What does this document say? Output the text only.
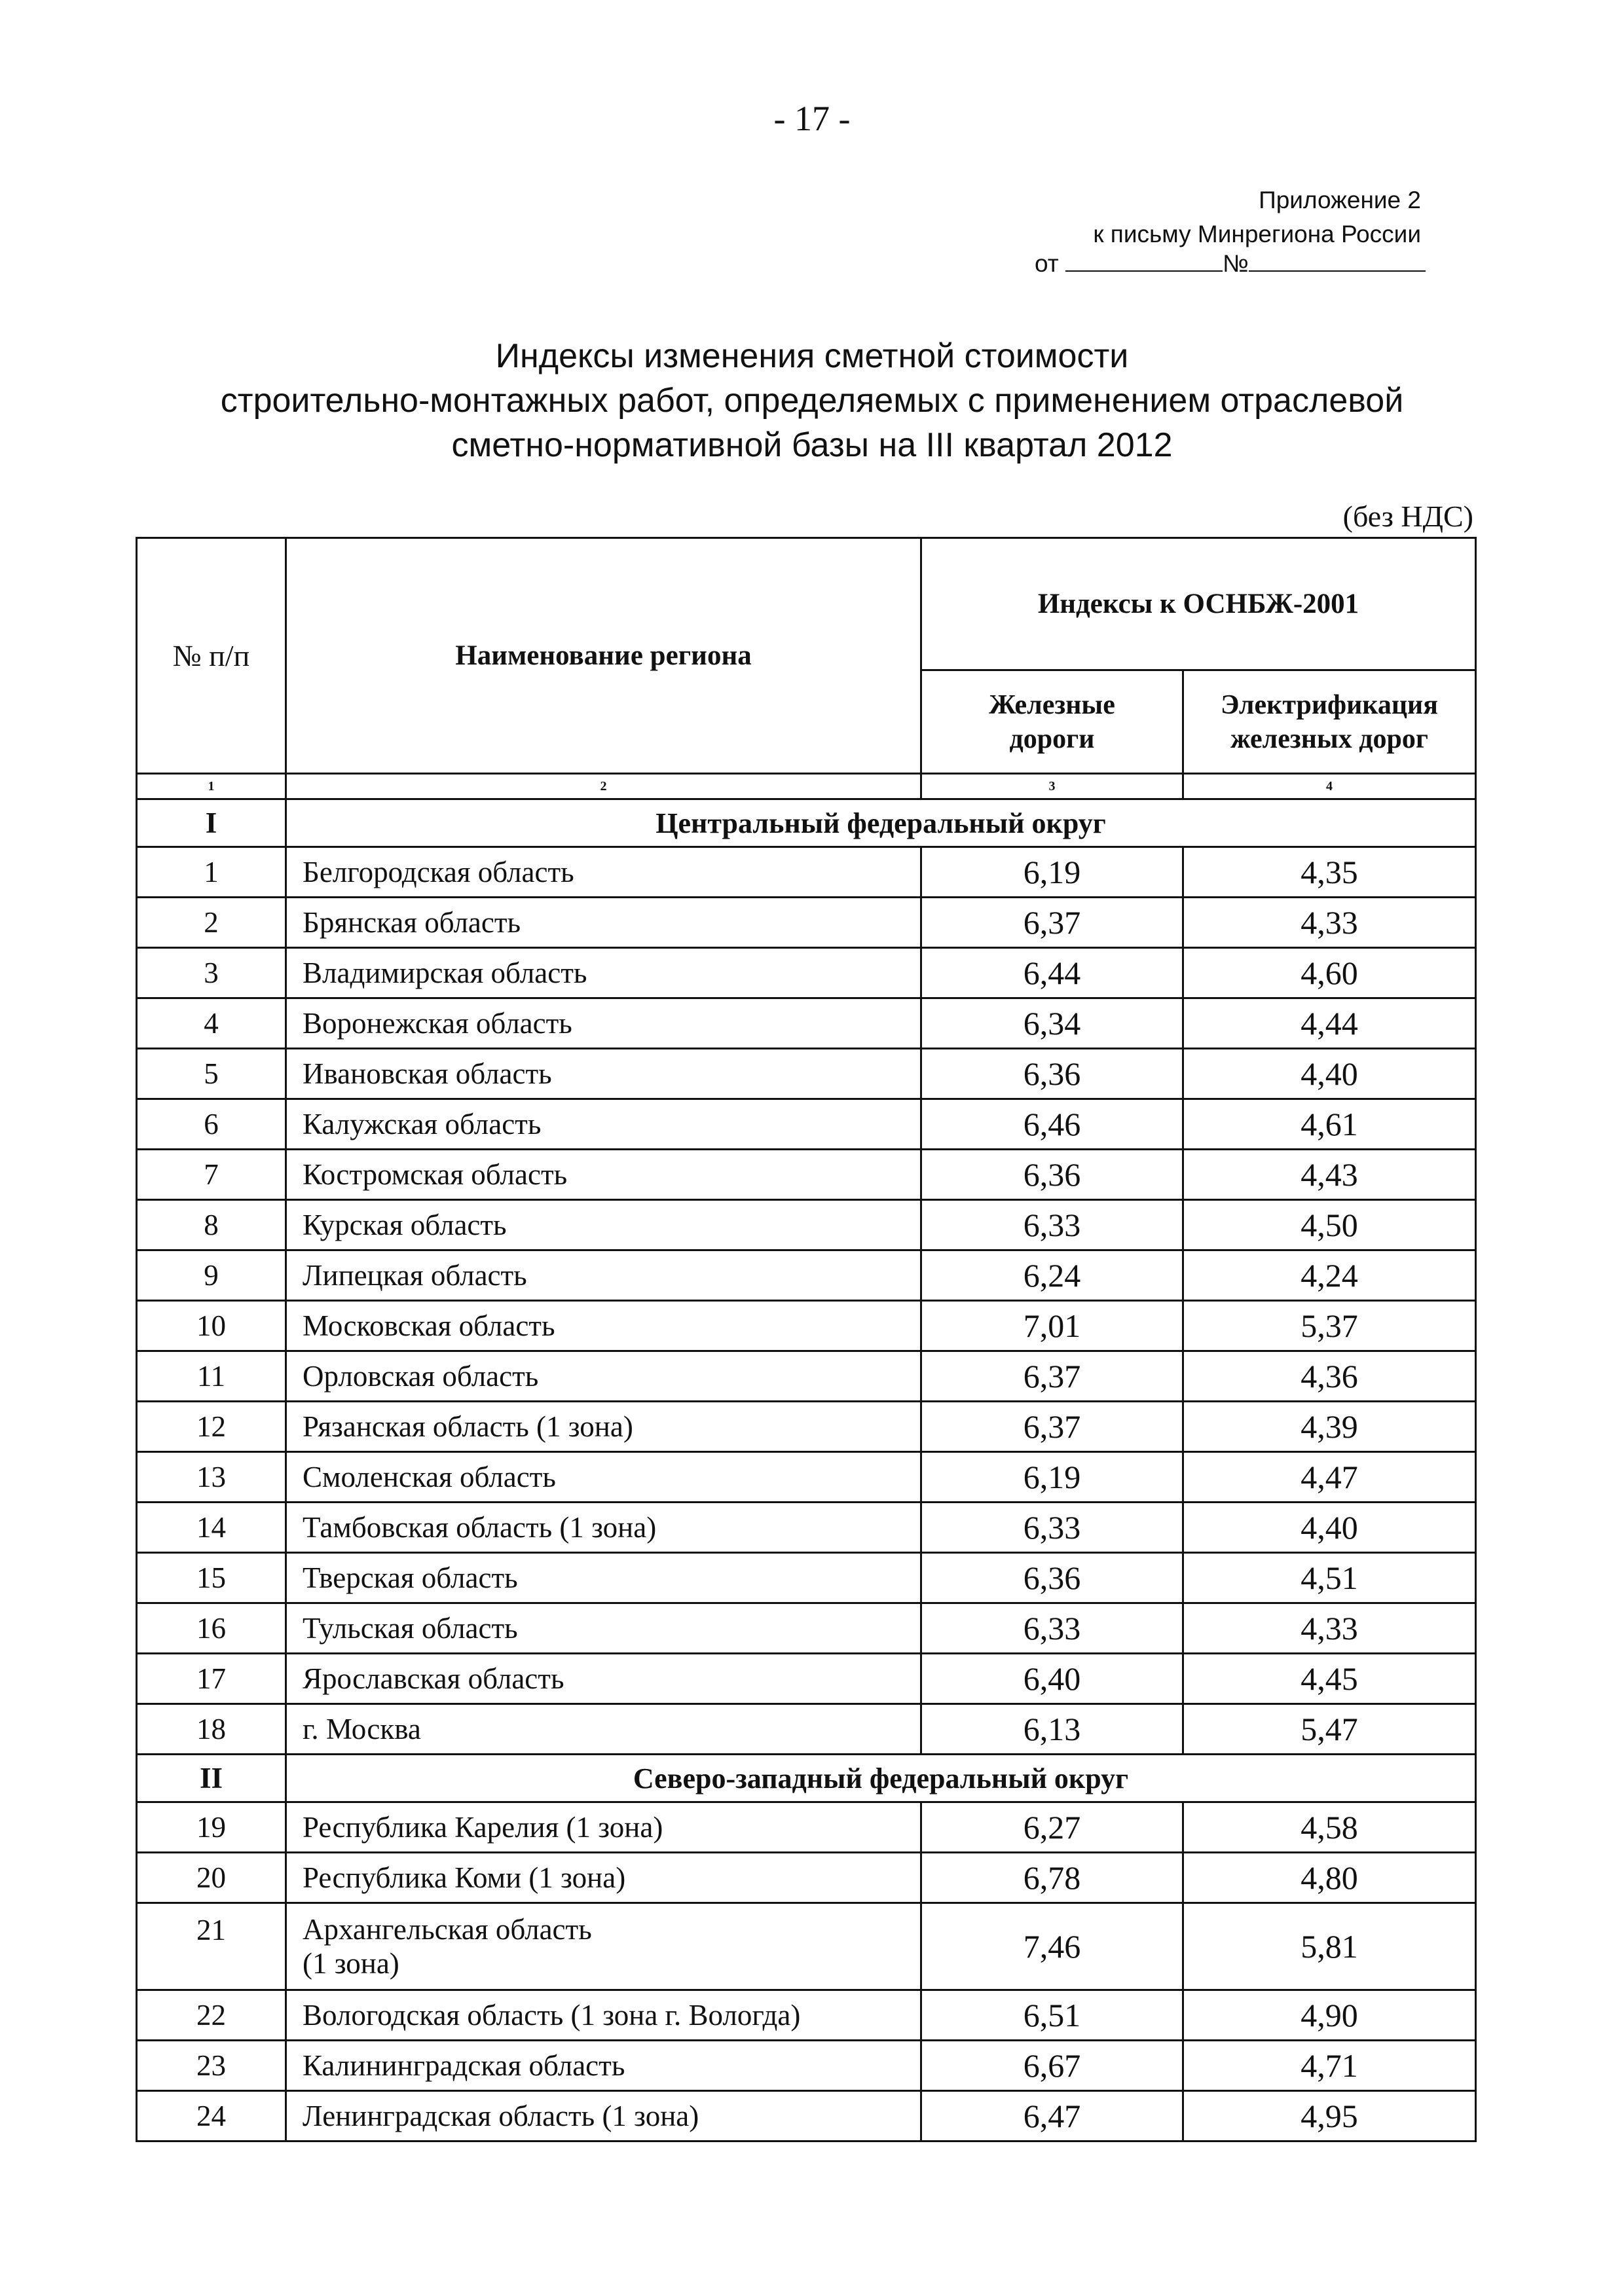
- 17 -
Приложение 2
к письму Минрегиона России
от	№
Индексы изменения сметной стоимости
строительно-монтажных работ, определяемых с применением отраслевой
сметно-нормативной базы на III квартал 2012
(без НДС)
№ п/п	Наименование региона	Индексы к ОСНБЖ-2001	

		Железные
дороги	Электрификация
железных дорог

1	2	3	4
I	Центральный федеральный округ		
1	Белгородская область	6,19	4,35
2	Брянская область	6,37	4,33
3	Владимирская область	6,44	4,60
4	Воронежская область	6,34	4,44
5	Ивановская область	6,36	4,40
6	Калужская область	6,46	4,61
7	Костромская область	6,36	4,43
8	Курская область	6,33	4,50
9	Липецкая область	6,24	4,24
10	Московская область	7,01	5,37
11	Орловская область	6,37	4,36
12	Рязанская область (1 зона)	6,37	4,39
13	Смоленская область	6,19	4,47
14	Тамбовская область (1 зона)	6,33	4,40
15	Тверская область	6,36	4,51
16	Тульская область	6,33	4,33
17	Ярославская область	6,40	4,45
18	г. Москва	6,13	5,47
II	Северо-западный федеральный округ		
19	Республика Карелия (1 зона)	6,27	4,58
20	Республика Коми (1 зона)	6,78	4,80
21	Архангельская область
(1 зона)	7,46	5,81
22	Вологодская область (1 зона г. Вологда)	6,51	4,90
23	Калининградская область	6,67	4,71
24	Ленинградская область (1 зона)	6,47	4,95
